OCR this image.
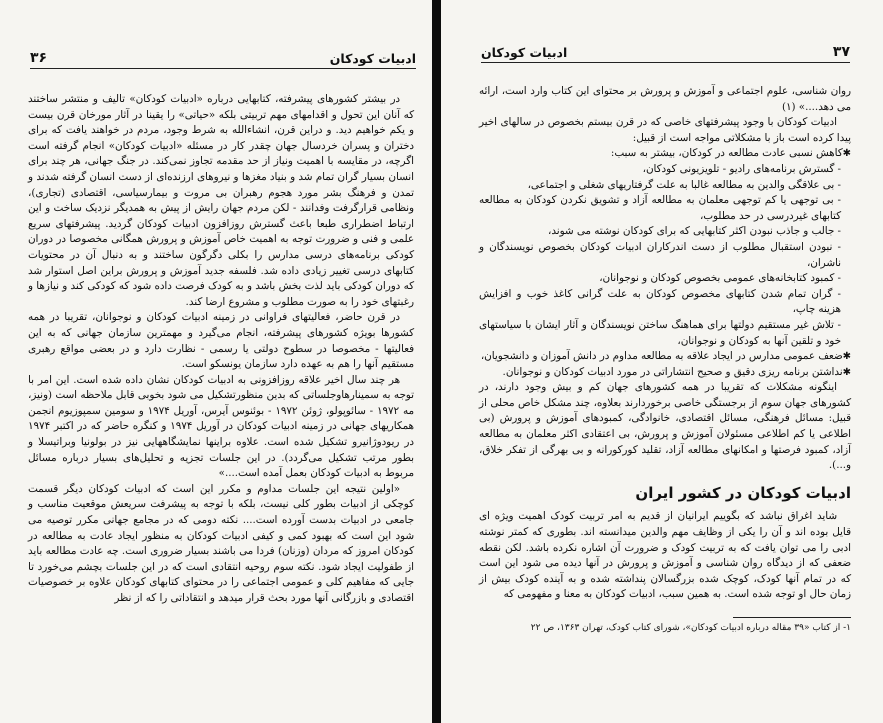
ادبیات کودکان
۳۶

در بیشتر کشورهای پیشرفته، کتابهایی درباره «ادبیات کودکان» تالیف و منتشر ساختند که آنان این تحول و اقدامهای مهم تربیتی بلکه «حیاتی» را یقینا در آثار مورخان قرن بیست و یکم خواهیم دید. و دراین قرن، انشاءالله به شرط وجود، مردم در خواهند یافت که برای دختران و پسران خردسال جهان چقدر کار در مسئله «ادبیات کودکان» انجام گرفته است اگرچه، در مقایسه با اهمیت ونیاز از حد مقدمه تجاوز نمی‌کند. در جنگ جهانی، هر چند برای انسان بسیار گران تمام شد و بنیاد مغزها و نیروهای ارزنده‌ای از دست انسان گرفته شدند و تمدن و فرهنگ بشر مورد هجوم رهبران بی مروت و بیمارسیاسی، اقتصادی (تجاری)، ونظامی قرارگرفت وفدانند - لکن مردم جهان رایش از پیش به همدیگر نزدیک ساخت و این ارتباط اضطراری طبعا باعث گسترش روزافزون ادبیات کودکان گردید. پیشرفتهای سریع علمی و فنی و ضرورت توجه به اهمیت خاص آموزش و پرورش همگانی مخصوصا در دوران کودکی برنامه‌های درسی مدارس را بکلی دگرگون ساختند و به دنبال آن در محتویات کتابهای درسی تغییر زیادی داده شد. فلسفه جدید آموزش و پرورش براین اصل استوار شد که دوران کودکی باید لذت بخش باشد و به کودک فرصت داده شود که کودکی کند و نیازها و رغبتهای خود را به صورت مطلوب و مشروع ارضا کند.

در قرن حاضر، فعالیتهای فراوانی در زمینه ادبیات کودکان و نوجوانان، تقریبا در همه کشورها بویژه کشورهای پیشرفته، انجام می‌گیرد و مهمترین سازمان جهانی که به این فعالیتها - مخصوصا در سطوح دولتی یا رسمی - نظارت دارد و در بعضی مواقع رهبری مستقیم آنها را هم به عهده دارد سازمان یونسکو است.

هر چند سال اخیر علاقه روزافزونی به ادبیات کودکان نشان داده شده است. این امر با توجه به سمینارهاوجلساتی که بدین منظورتشکیل می شود بخوبی قابل ملاحظه است (ونیز، مه ۱۹۷۲ - سائوپولو، ژوئن ۱۹۷۲ - بوئنوس آیرس، آوریل ۱۹۷۴ و سومین سمپوزیوم انجمن همکاریهای جهانی در زمینه ادبیات کودکان در آوریل ۱۹۷۴ و کنگره حاضر که در اکتبر ۱۹۷۴ در ریودوژانیرو تشکیل شده است. علاوه براینها نمایشگاههایی نیز در بولونیا وبراتیسلا و بطور مرتب تشکیل می‌گردد). در این جلسات تجزیه و تحلیل‌های بسیار درباره مسائل مربوط به ادبیات کودکان بعمل آمده است....»

«اولین نتیجه این جلسات مداوم و مکرر این است که ادبیات کودکان دیگر قسمت کوچکی از ادبیات بطور کلی نیست، بلکه با توجه به پیشرفت سریعش موقعیت مناسب و جامعی در ادبیات بدست آورده است.... نکته دومی که در مجامع جهانی مکرر توصیه می شود این است که بهبود کمی و کیفی ادبیات کودکان به منظور ایجاد عادت به مطالعه در کودکان امروز که مردان (وزنان) فردا می باشند بسیار ضروری است. چه عادت مطالعه باید از طفولیت ایجاد شود. نکته سوم روحیه انتقادی است که در این جلسات بچشم می‌خورد تا جایی که مفاهیم کلی و عمومی اجتماعی را در محتوای کتابهای کودکان علاوه بر خصوصیات اقتصادی و بازرگانی آنها مورد بحث قرار میدهد و انتقاداتی را که از نظر

۳۷
ادبیات کودکان

روان شناسی، علوم اجتماعی و آموزش و پرورش بر محتوای این کتاب وارد است، ارائه می دهد....» (۱)

ادبیات کودکان با وجود پیشرفتهای خاصی که در قرن بیستم بخصوص در سالهای اخیر پیدا کرده است باز با مشکلاتی مواجه است از قبیل:

✱ کاهش نسبی عادت مطالعه در کودکان، بیشتر به سبب:

- گسترش برنامه‌های رادیو - تلویزیونی کودکان،

- بی علاقگی والدین به مطالعه غالبا به علت گرفتاریهای شغلی و اجتماعی،

- بی توجهی یا کم توجهی معلمان به مطالعه آزاد و تشویق نکردن کودکان به مطالعه کتابهای غیردرسی در حد مطلوب،

- جالب و جاذب نبودن اکثر کتابهایی که برای کودکان نوشته می شوند،

- نبودن استقبال مطلوب از دست اندرکاران ادبیات کودکان بخصوص نویسندگان و ناشران،

- کمبود کتابخانه‌های عمومی بخصوص کودکان و نوجوانان،

- گران تمام شدن کتابهای مخصوص کودکان به علت گرانی کاغذ خوب و افزایش هزینه چاپ،

- تلاش غیر مستقیم دولتها برای هماهنگ ساختن نویسندگان و آثار ایشان با سیاستهای خود و تلقین آنها به کودکان و نوجوانان،

✱ ضعف عمومی مدارس در ایجاد علاقه به مطالعه مداوم در دانش آموزان و دانشجویان،

✱ نداشتن برنامه ریزی دقیق و صحیح انتشاراتی در مورد ادبیات کودکان و نوجوانان.

اینگونه مشکلات که تقریبا در همه کشورهای جهان کم و بیش وجود دارند، در کشورهای جهان سوم از برجستگی خاصی برخوردارند بعلاوه، چند مشکل خاص محلی از قبیل: مسائل فرهنگی، مسائل اقتصادی، خانوادگی، کمبودهای آموزش و پرورش (بی اطلاعی یا کم اطلاعی مسئولان آموزش و پرورش، بی اعتقادی اکثر معلمان به مطالعه آزاد، کمبود فرصتها و امکانهای مطالعه آزاد، تقلید کورکورانه و بی بهرگی از تفکر خلاق، و...).

ادبیات کودکان در کشور ایران

شاید اغراق نباشد که بگوییم ایرانیان از قدیم به امر تربیت کودک اهمیت ویژه ای قایل بوده اند و آن را یکی از وظایف مهم والدین میدانسته اند. بطوری که کمتر نوشته ادبی را می توان یافت که به تربیت کودک و ضرورت آن اشاره نکرده باشد. لکن نقطه ضعفی که از دیدگاه روان شناسی و آموزش و پرورش در آنها دیده می شود این است که در تمام آنها کودک، کوچک شده بزرگسالان پنداشته شده و به آینده کودک بیش از زمان حال او توجه شده است. به همین سبب، ادبیات کودکان به معنا و مفهومی که

۱- از کتاب «۳۹ مقاله درباره ادبیات کودکان»، شورای کتاب کودک، تهران ۱۳۶۳، ص ۲۲
